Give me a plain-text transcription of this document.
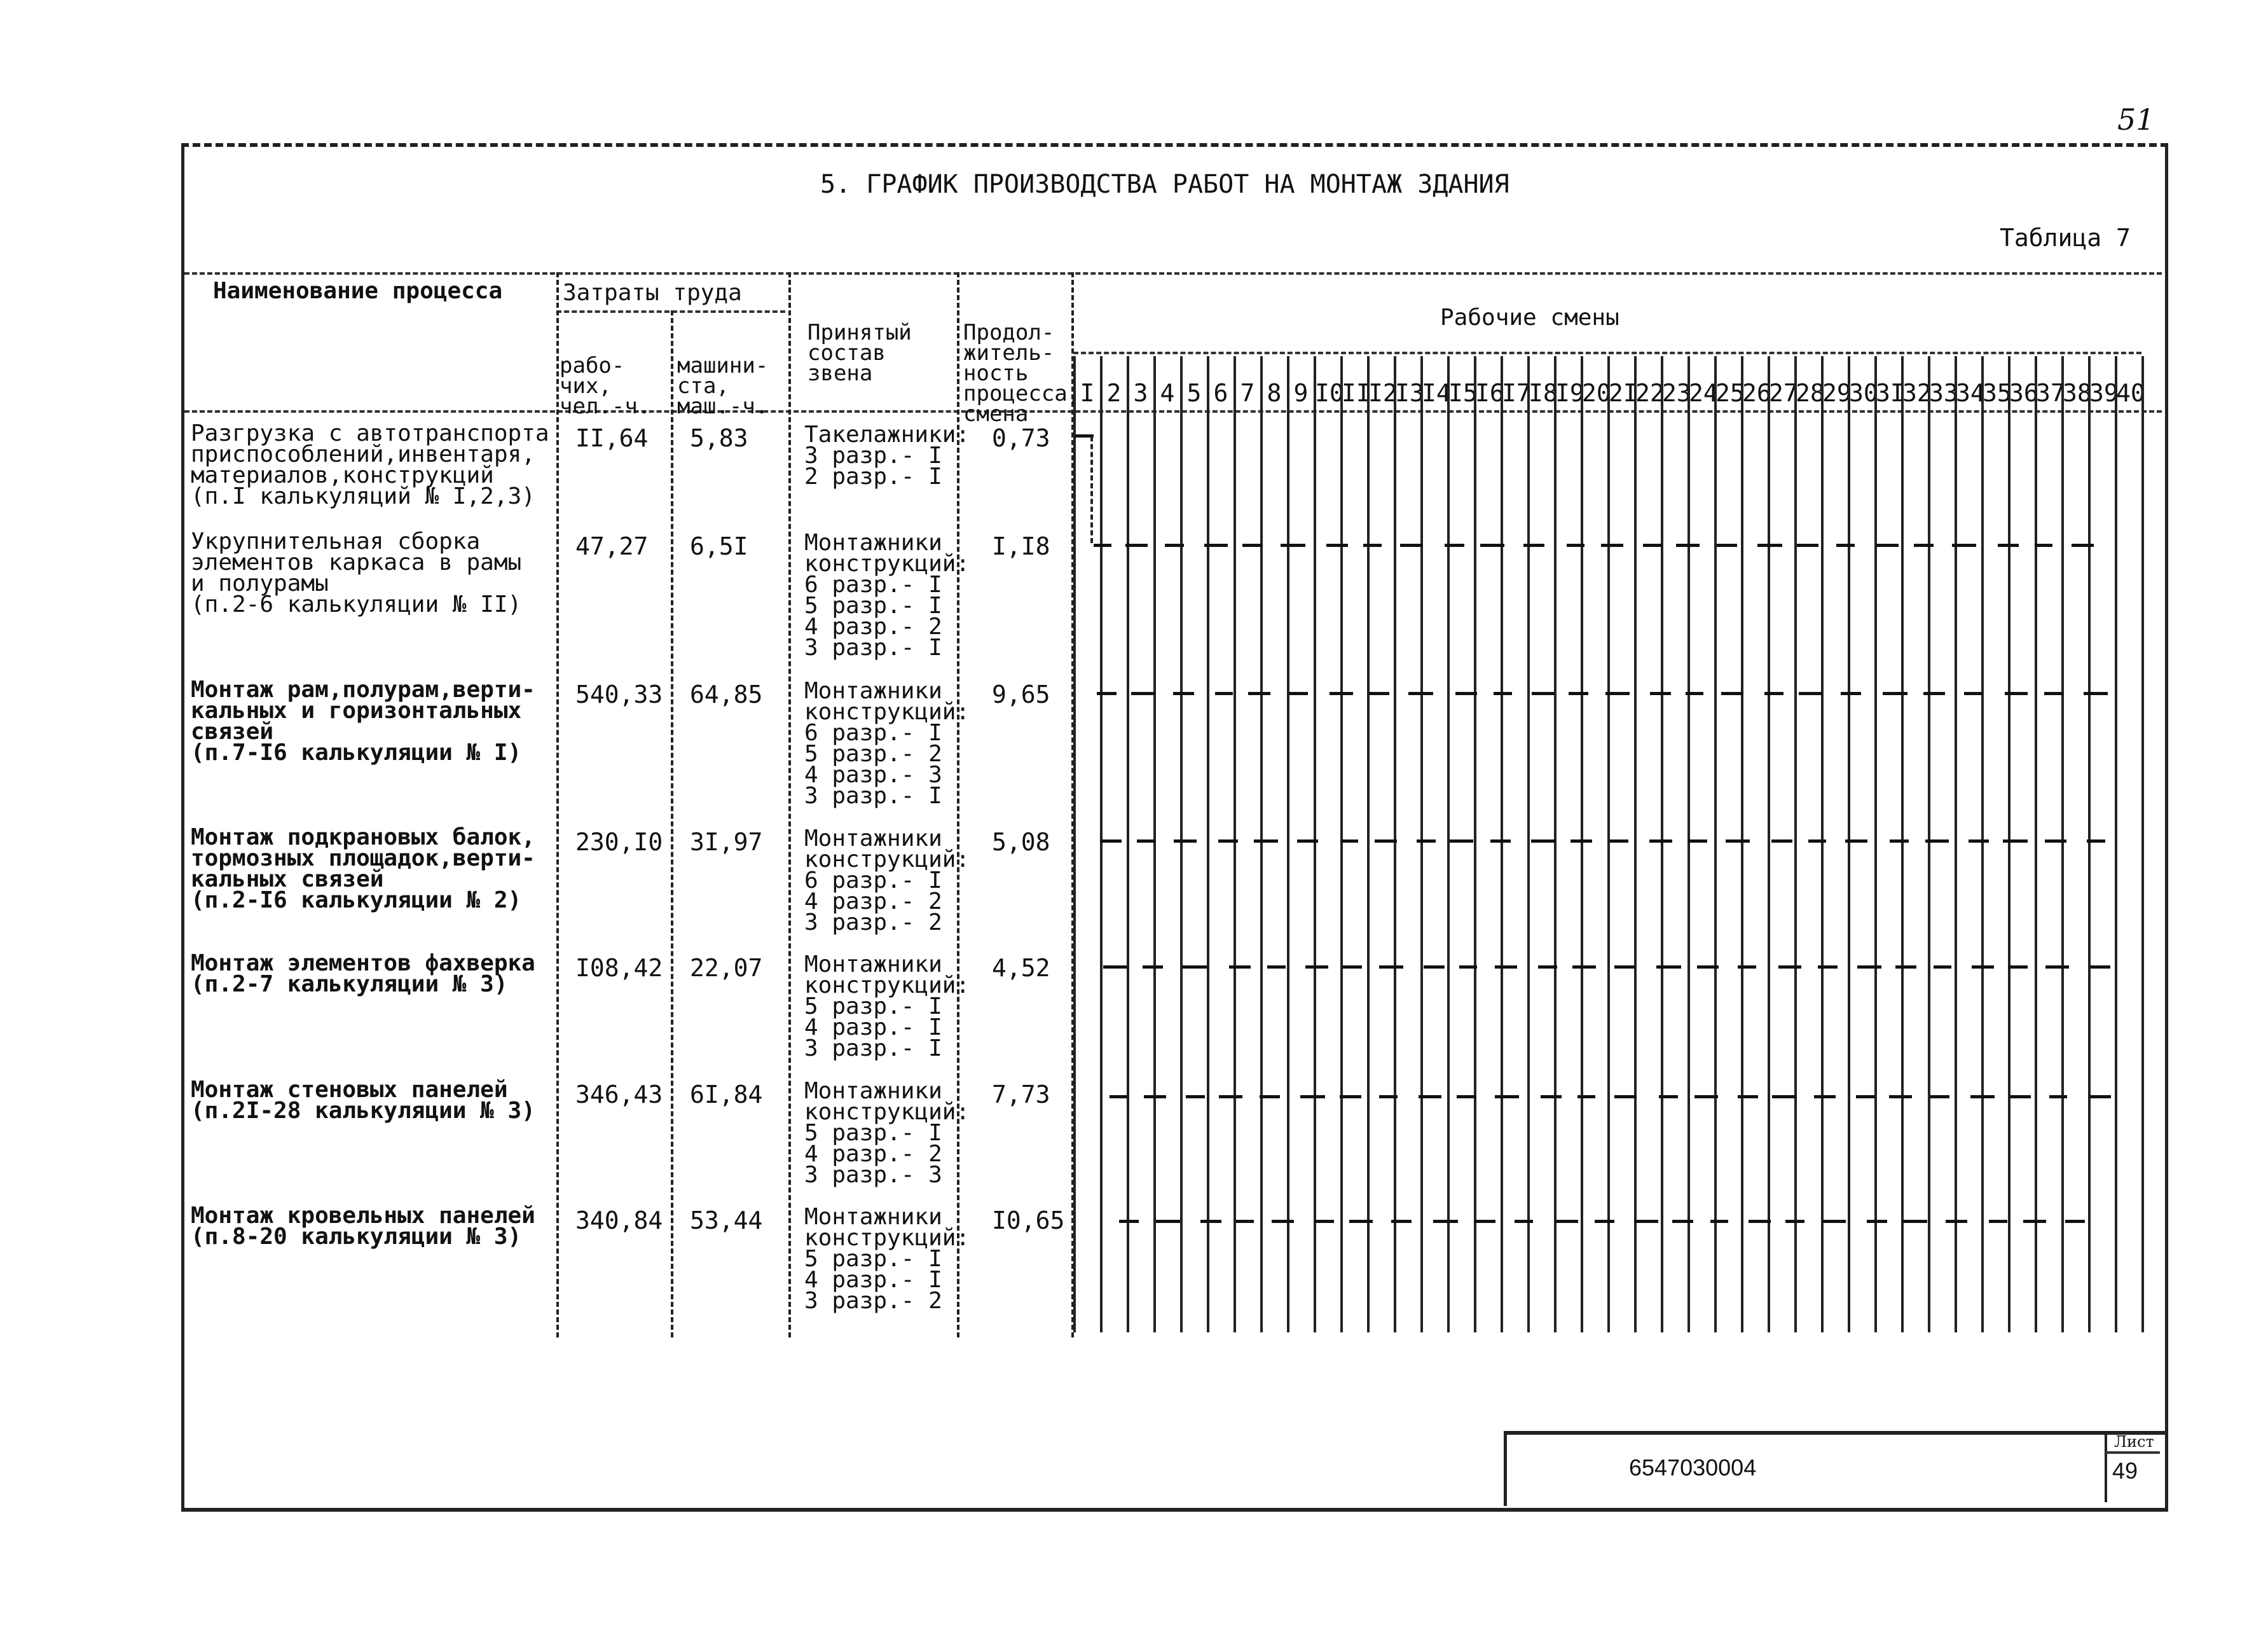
51
5. ГРАФИК ПРОИЗВОДСТВА РАБОТ НА МОНТАЖ ЗДАНИЯ
Таблица 7
Наименование процесса	Затраты труда

рабо-
чих,
чел.-ч.

машини-
ста,
маш.-ч.

Принятый
состав
звена

Продол-
житель-
ность
процесса,
смена

Рабочие смены
I 2 3 4 5 6 7 8 9 I0
II
I2
I3
I4
I5
I6
I7
I8
I9
20
2I
22
23
24
25
26
27
28
29
30
3I
32
33
34
35
36
37
38
39
40
Разгрузка с автотранспорта
приспособлений,инвентаря,
материалов,конструкций
(п.I калькуляций № I,2,3)
II,64 5,83 Такелажники:
3 разр.- I
2 разр.- I
0,73
Укрупнительная сборка
элементов каркаса в рамы
и полурамы
(п.2-6 калькуляции № II)
47,27 6,5I Монтажники
конструкций:
6 разр.- I
5 разр.- I
4 разр.- 2
3 разр.- I
I,I8
Монтаж рам,полурам,верти-
кальных и горизонтальных
связей
(п.7-I6 калькуляции № I)
540,33 64,85 Монтажники
конструкций:
6 разр.- I
5 разр.- 2
4 разр.- 3
3 разр.- I
9,65
Монтаж подкрановых балок,
тормозных площадок,верти-
кальных связей
(п.2-I6 калькуляции № 2)
230,I0 3I,97 Монтажники
конструкций:
6 разр.- I
4 разр.- 2
3 разр.- 2
5,08
Монтаж элементов фахверка
(п.2-7 калькуляции № 3)
I08,42 22,07 Монтажники
конструкций:
5 разр.- I
4 разр.- I
3 разр.- I
4,52
Монтаж стеновых панелей
(п.2I-28 калькуляции № 3)
346,43 6I,84 Монтажники
конструкций:
5 разр.- I
4 разр.- 2
3 разр.- 3
7,73
Монтаж кровельных панелей
(п.8-20 калькуляции № 3)
340,84 53,44 Монтажники
конструкций:
5 разр.- I
4 разр.- I
3 разр.- 2
I0,65
6547030004
Лист
49
